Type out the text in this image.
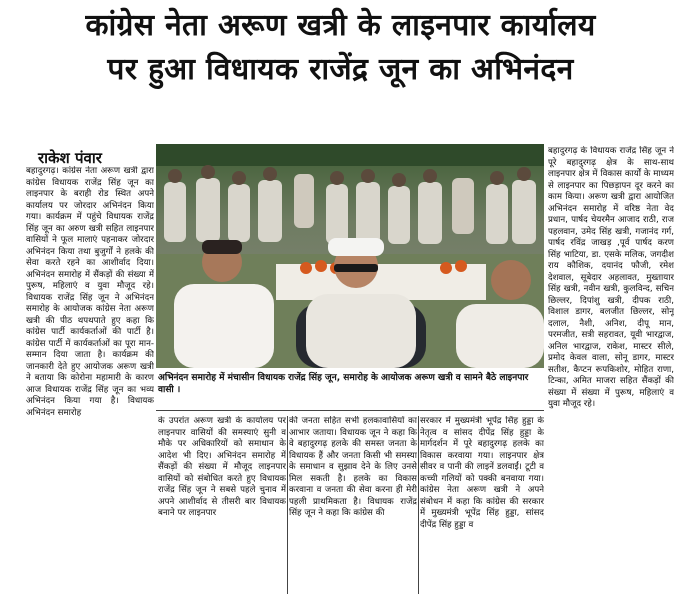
कांग्रेस नेता अरूण खत्री के लाइनपार कार्यालय
पर हुआ विधायक राजेंद्र जून का अभिनंदन
राकेश पंवार
बहादुरगढ़। कांग्रेस नेता अरूण खत्री द्वारा कांग्रेस विधायक राजेंद्र सिंह जून का लाइनपार के बराही रोड स्थित अपने कार्यालय पर जोरदार अभिनंदन किया गया। कार्यक्रम में पहुंचे विधायक राजेंद्र सिंह जून का अरुण खत्री सहित लाइनपार वासियों ने फूल मालाएं पहनाकर जोरदार अभिनंदन किया तथा बुजुर्गों ने हलके की सेवा करते रहने का आशीर्वाद दिया। अभिनंदन समारोह में सैंकड़ों की संख्या में पुरूष, महिलाएं व युवा मौजूद रहे। विधायक राजेंद्र सिंह जून ने अभिनंदन समारोह के आयोजक कांग्रेस नेता अरूण खत्री की पीठ थपथपाते हुए कहा कि कांग्रेस पार्टी कार्यकर्ताओं की पार्टी है। कांग्रेस पार्टी में कार्यकर्ताओं का पूरा मान-सम्मान दिया जाता है। कार्यक्रम की जानकारी देते हुए आयोजक अरूण खत्री ने बताया कि कोरोना महामारी के कारण आज विधायक राजेंद्र सिंह जून का भव्य अभिनंदन किया गया है। विधायक अभिनंदन समारोह
अभिनंदन समारोह में मंचासीन विधायक राजेंद्र सिंह जून, समारोह के आयोजक अरूण खत्री व सामने बैठे लाइनपार वासी ।
के उपरांत अरूण खत्री के कार्यालय पर लाइनपार वासियों की समस्याएं सुनी व मौके पर अधिकारियों को समाधान के आदेश भी दिए। अभिनंदन समारोह में सैंकड़ों की संख्या में मौजूद लाइनपार वासियों को संबोधित करते हुए विधायक राजेंद्र सिंह जून ने सबसे पहले चुनाव में अपने आशीर्वाद से तीसरी बार विधायक बनाने पर लाइनपार
की जनता सहित सभी हलकावासियों का आभार जताया। विधायक जून ने कहा कि वे बहादुरगढ़ हलके की समस्त जनता के विधायक हैं और जनता किसी भी समस्या के समाधान व सुझाव देने के लिए उनसे मिल सकती है। हलके का विकास करवाना व जनता की सेवा करना ही मेरी पहली प्राथमिकता है। विधायक राजेंद्र सिंह जून ने कहा कि कांग्रेस की
सरकार में मुख्यमंत्री भूपेंद्र सिंह हुड्डा के नेतृत्व व सांसद दीपेंद्र सिंह हुड्डा के मार्गदर्शन में पूरे बहादुरगढ़ हलके का विकास करवाया गया। लाइनपार क्षेत्र सीवर व पानी की लाइनें डलवाईं। टूटी व कच्ची गलियों को पक्की बनवाया गया। कांग्रेस नेता अरूण खत्री ने अपने संबोधन में कहा कि कांग्रेस की सरकार में मुख्यमंत्री भूपेंद्र सिंह हुड्डा, सांसद दीपेंद्र सिंह हुड्डा व
बहादुरगढ़ के विधायक राजेंद्र सिंह जून ने पूरे बहादुरगढ़ क्षेत्र के साथ-साथ लाइनपार क्षेत्र में विकास कार्यों के माध्यम से लाइनपार का पिछड़ापन दूर करने का काम किया। अरूण खत्री द्वारा आयोजित अभिनंदन समारोह में वरिष्ठ नेता वेद प्रधान, पार्षद चेयरमैन आजाद राठी, राज पहलवान, उमेद सिंह खत्री, गजानंद गर्ग, पार्षद रविंद्र जाखड़ ,पूर्व पार्षद करण सिंह भाटिया, डा. एसके मलिक, जगदीश राय कौशिक, दयानंद फौजी, रमेश देशवाल, सूबेदार अहलावत, मुख्तायार सिंह खत्री, नवीन खत्री, कुलविन्द, सचिन छिल्लर, दिपांशु खत्री, दीपक राठी, विशाल डागर, बलजीत छिल्लर, सोनू दलाल, नैशी, अनिश, दीपू मान, परमजीत, सत्री सहरावत, यूवी भारद्वाज, अनिल भारद्वाज, राकेश, मास्टर सीले, प्रमोद केवल वाला, सोनू डागर, मास्टर सतीश, कैप्टन रूपकिशोर, मोहित राणा, टिन्का, अमित माजरा सहित सैंकड़ों की संख्या में संख्या में पुरूष, महिलाएं व युवा मौजूद रहे।
